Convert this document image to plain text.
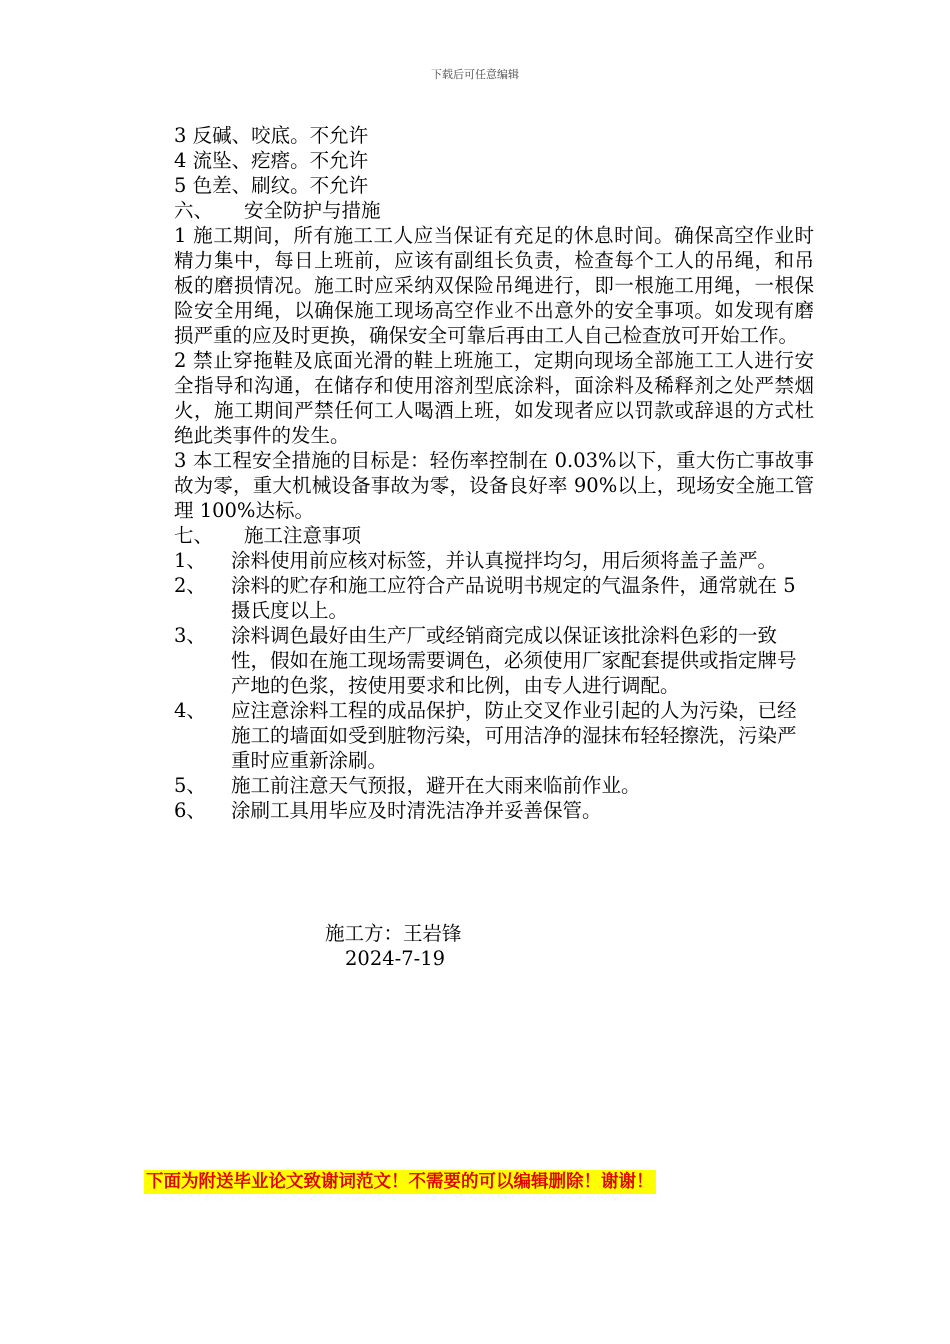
下载后可任意编辑
3 反碱、咬底。不允许
4 流坠、疙瘩。不允许
5 色差、刷纹。不允许
六、 安全防护与措施
1 施工期间，所有施工工人应当保证有充足的休息时间。确保高空作业时精力集中，每日上班前，应该有副组长负责，检查每个工人的吊绳，和吊板的磨损情况。施工时应采纳双保险吊绳进行，即一根施工用绳，一根保险安全用绳，以确保施工现场高空作业不出意外的安全事项。如发现有磨损严重的应及时更换，确保安全可靠后再由工人自己检查放可开始工作。
2 禁止穿拖鞋及底面光滑的鞋上班施工，定期向现场全部施工工人进行安全指导和沟通，在储存和使用溶剂型底涂料，面涂料及稀释剂之处严禁烟火，施工期间严禁任何工人喝酒上班，如发现者应以罚款或辞退的方式杜绝此类事件的发生。
3 本工程安全措施的目标是：轻伤率控制在 0.03%以下，重大伤亡事故事故为零，重大机械设备事故为零，设备良好率 90%以上，现场安全施工管理 100%达标。
七、 施工注意事项
1、	涂料使用前应核对标签，并认真搅拌均匀，用后须将盖子盖严。
2、	涂料的贮存和施工应符合产品说明书规定的气温条件，通常就在 5 摄氏度以上。
3、	涂料调色最好由生产厂或经销商完成以保证该批涂料色彩的一致性，假如在施工现场需要调色，必须使用厂家配套提供或指定牌号产地的色浆，按使用要求和比例，由专人进行调配。
4、	应注意涂料工程的成品保护，防止交叉作业引起的人为污染，已经施工的墙面如受到脏物污染，可用洁净的湿抹布轻轻擦洗，污染严重时应重新涂刷。
5、	施工前注意天气预报，避开在大雨来临前作业。
6、	涂刷工具用毕应及时清洗洁净并妥善保管。
施工方：王岩锋
2024-7-19
下面为附送毕业论文致谢词范文！不需要的可以编辑删除！谢谢！
